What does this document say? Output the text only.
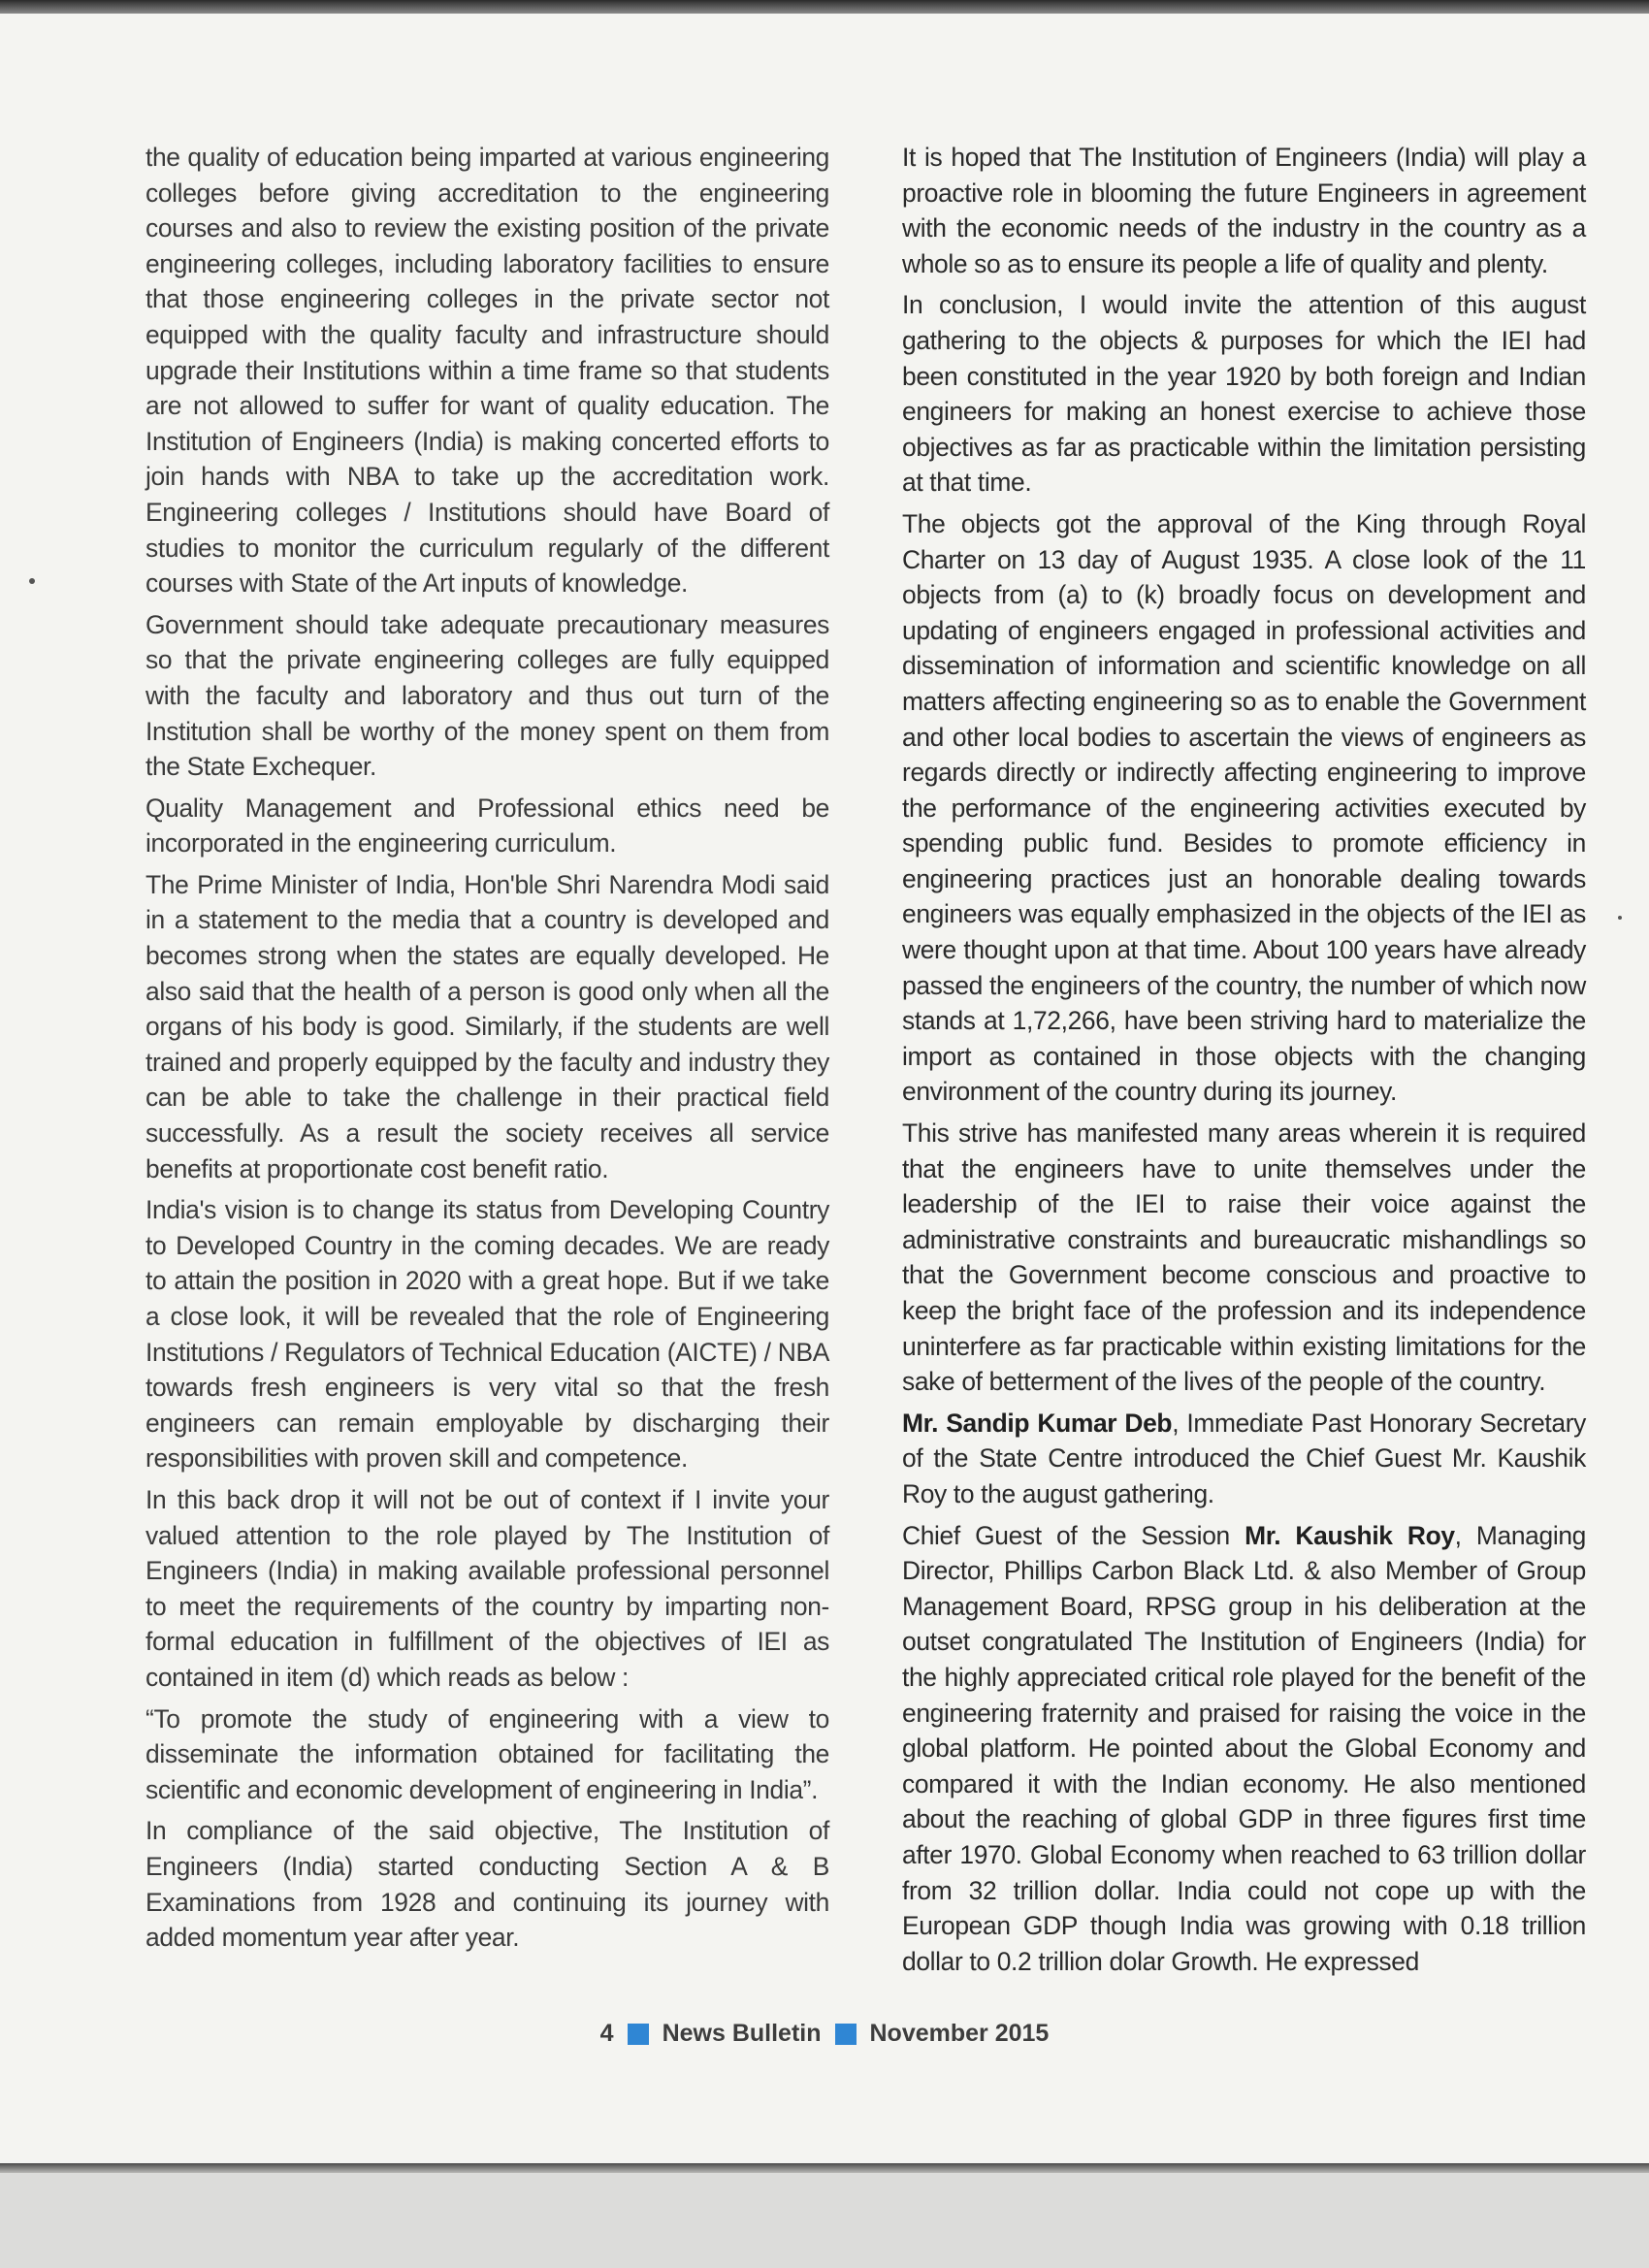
the quality of education being imparted at various engineering colleges before giving accreditation to the engineering courses and also to review the existing position of the private engineering colleges, including laboratory facilities to ensure that those engineering colleges in the private sector not equipped with the quality faculty and infrastructure should upgrade their Institutions within a time frame so that students are not allowed to suffer for want of quality education. The Institution of Engineers (India) is making concerted efforts to join hands with NBA to take up the accreditation work. Engineering colleges / Institutions should have Board of studies to monitor the curriculum regularly of the different courses with State of the Art inputs of knowledge.

Government should take adequate precautionary measures so that the private engineering colleges are fully equipped with the faculty and laboratory and thus out turn of the Institution shall be worthy of the money spent on them from the State Exchequer.

Quality Management and Professional ethics need be incorporated in the engineering curriculum.

The Prime Minister of India, Hon'ble Shri Narendra Modi said in a statement to the media that a country is developed and becomes strong when the states are equally developed. He also said that the health of a person is good only when all the organs of his body is good. Similarly, if the students are well trained and properly equipped by the faculty and industry they can be able to take the challenge in their practical field successfully. As a result the society receives all service benefits at proportionate cost benefit ratio.

India's vision is to change its status from Developing Country to Developed Country in the coming decades. We are ready to attain the position in 2020 with a great hope. But if we take a close look, it will be revealed that the role of Engineering Institutions / Regulators of Technical Education (AICTE) / NBA towards fresh engineers is very vital so that the fresh engineers can remain employable by discharging their responsibilities with proven skill and competence.

In this back drop it will not be out of context if I invite your valued attention to the role played by The Institution of Engineers (India) in making available professional personnel to meet the requirements of the country by imparting non-formal education in fulfillment of the objectives of IEI as contained in item (d) which reads as below :

“To promote the study of engineering with a view to disseminate the information obtained for facilitating the scientific and economic development of engineering in India”.

In compliance of the said objective, The Institution of Engineers (India) started conducting Section A & B Examinations from 1928 and continuing its journey with added momentum year after year.

It is hoped that The Institution of Engineers (India) will play a proactive role in blooming the future Engineers in agreement with the economic needs of the industry in the country as a whole so as to ensure its people a life of quality and plenty.

In conclusion, I would invite the attention of this august gathering to the objects & purposes for which the IEI had been constituted in the year 1920 by both foreign and Indian engineers for making an honest exercise to achieve those objectives as far as practicable within the limitation persisting at that time.

The objects got the approval of the King through Royal Charter on 13 day of August 1935. A close look of the 11 objects from (a) to (k) broadly focus on development and updating of engineers engaged in professional activities and dissemination of information and scientific knowledge on all matters affecting engineering so as to enable the Government and other local bodies to ascertain the views of engineers as regards directly or indirectly affecting engineering to improve the performance of the engineering activities executed by spending public fund. Besides to promote efficiency in engineering practices just an honorable dealing towards engineers was equally emphasized in the objects of the IEI as were thought upon at that time. About 100 years have already passed the engineers of the country, the number of which now stands at 1,72,266, have been striving hard to materialize the import as contained in those objects with the changing environment of the country during its journey.

This strive has manifested many areas wherein it is required that the engineers have to unite themselves under the leadership of the IEI to raise their voice against the administrative constraints and bureaucratic mishandlings so that the Government become conscious and proactive to keep the bright face of the profession and its independence uninterfere as far practicable within existing limitations for the sake of betterment of the lives of the people of the country.

Mr. Sandip Kumar Deb, Immediate Past Honorary Secretary of the State Centre introduced the Chief Guest Mr. Kaushik Roy to the august gathering.

Chief Guest of the Session Mr. Kaushik Roy, Managing Director, Phillips Carbon Black Ltd. & also Member of Group Management Board, RPSG group in his deliberation at the outset congratulated The Institution of Engineers (India) for the highly appreciated critical role played for the benefit of the engineering fraternity and praised for raising the voice in the global platform. He pointed about the Global Economy and compared it with the Indian economy. He also mentioned about the reaching of global GDP in three figures first time after 1970. Global Economy when reached to 63 trillion dollar from 32 trillion dollar. India could not cope up with the European GDP though India was growing with 0.18 trillion dollar to 0.2 trillion dolar Growth. He expressed

4 News Bulletin November 2015
